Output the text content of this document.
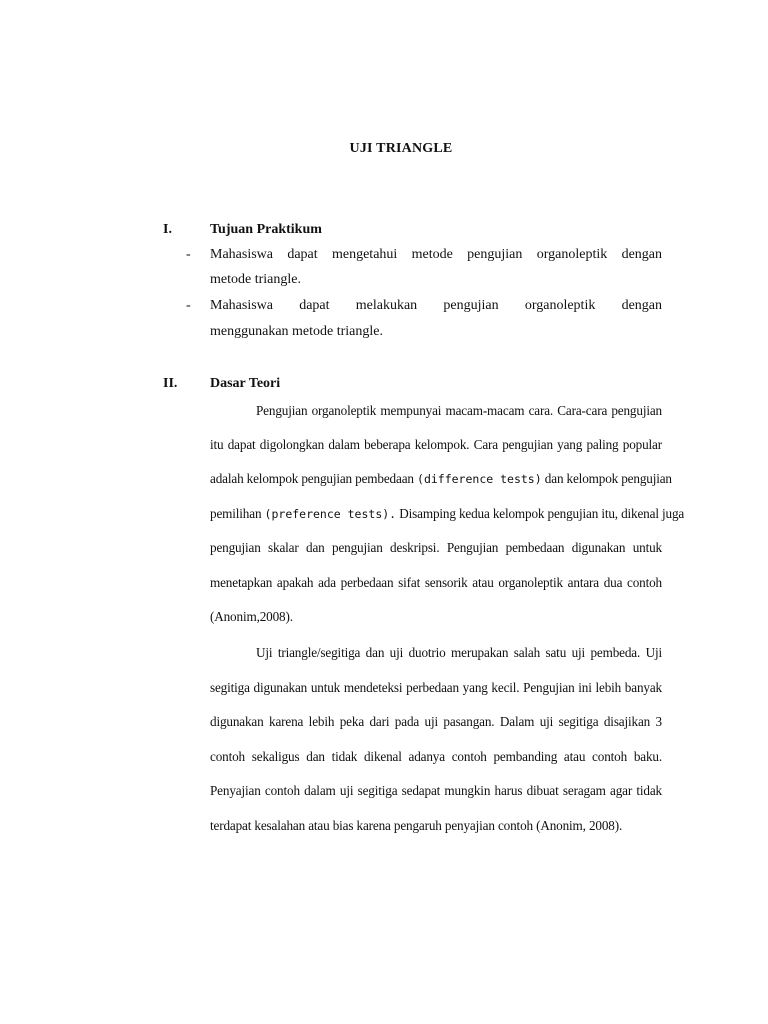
UJI TRIANGLE
I.	Tujuan Praktikum
- Mahasiswa dapat mengetahui metode pengujian organoleptik dengan
metode triangle.
- Mahasiswa dapat melakukan pengujian organoleptik dengan
menggunakan metode triangle.
II. Dasar Teori
Pengujian organoleptik mempunyai macam-macam cara. Cara-cara pengujian
itu dapat digolongkan dalam beberapa kelompok. Cara pengujian yang paling popular
adalah kelompok pengujian pembedaan (difference tests) dan kelompok pengujian
pemilihan (preference tests). Disamping kedua kelompok pengujian itu, dikenal juga
pengujian skalar dan pengujian deskripsi. Pengujian pembedaan digunakan untuk
menetapkan apakah ada perbedaan sifat sensorik atau organoleptik antara dua contoh
(Anonim,2008).
Uji triangle/segitiga dan uji duotrio merupakan salah satu uji pembeda. Uji
segitiga digunakan untuk mendeteksi perbedaan yang kecil. Pengujian ini lebih banyak
digunakan karena lebih peka dari pada uji pasangan. Dalam uji segitiga disajikan 3
contoh sekaligus dan tidak dikenal adanya contoh pembanding atau contoh baku.
Penyajian contoh dalam uji segitiga sedapat mungkin harus dibuat seragam agar tidak
terdapat kesalahan atau bias karena pengaruh penyajian contoh (Anonim, 2008).
